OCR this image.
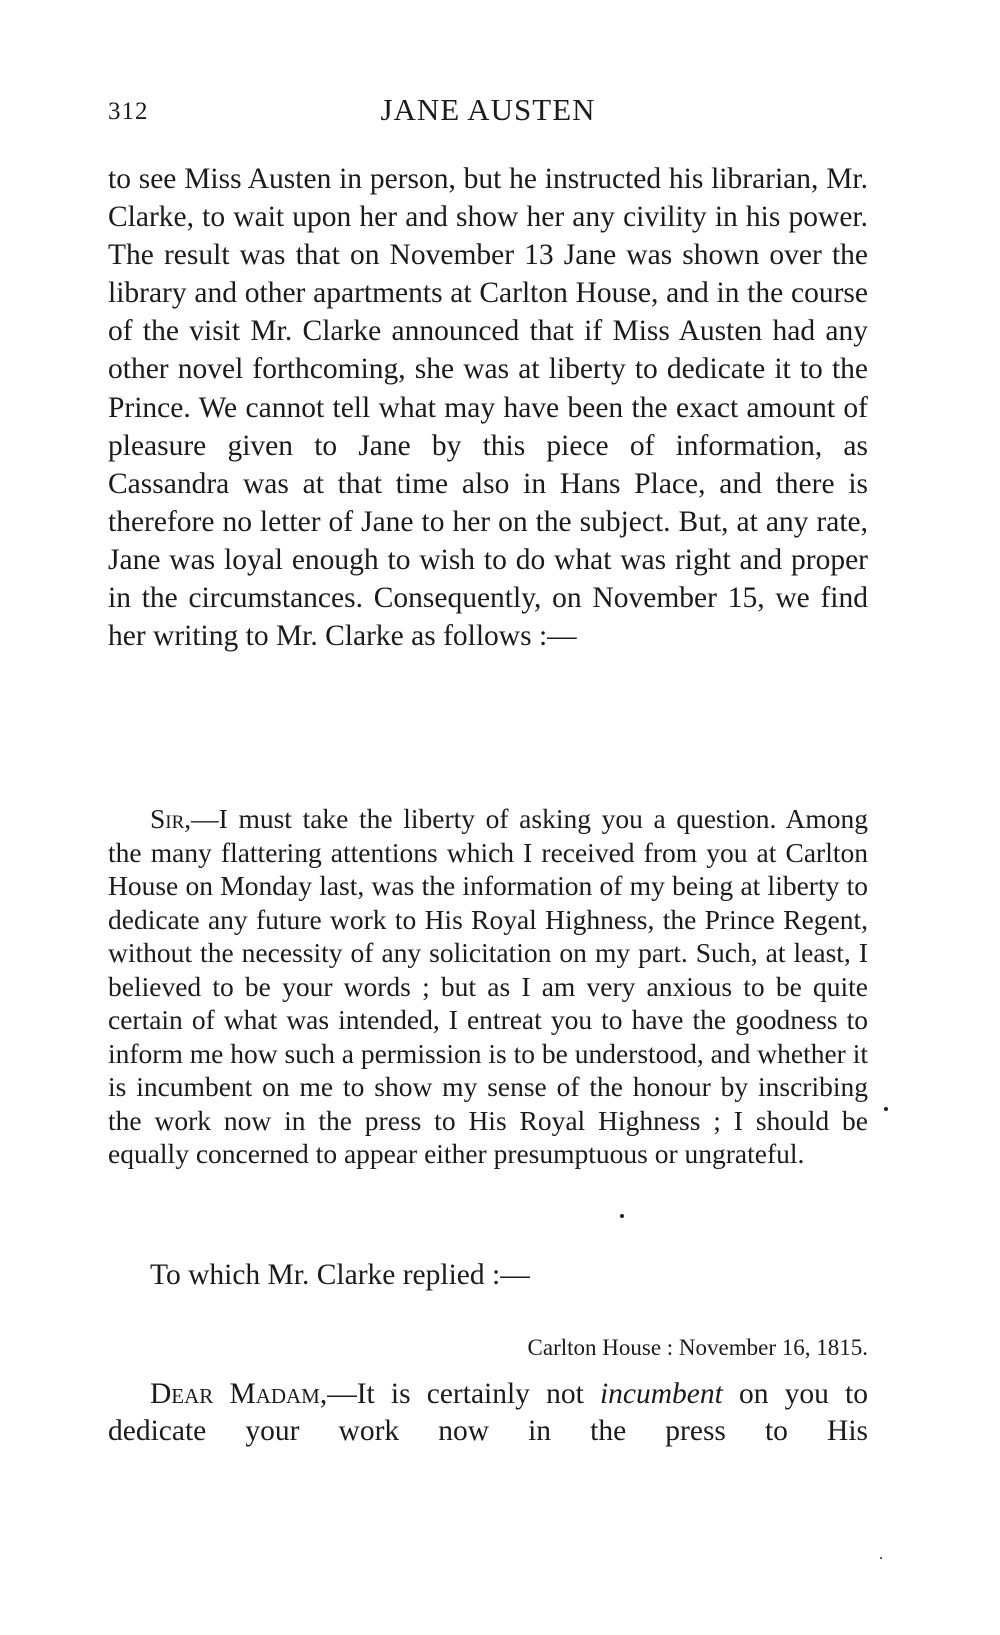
312	JANE AUSTEN

to see Miss Austen in person, but he instructed his librarian, Mr. Clarke, to wait upon her and show her any civility in his power. The result was that on November 13 Jane was shown over the library and other apartments at Carlton House, and in the course of the visit Mr. Clarke announced that if Miss Austen had any other novel forthcoming, she was at liberty to dedicate it to the Prince. We cannot tell what may have been the exact amount of pleasure given to Jane by this piece of information, as Cassandra was at that time also in Hans Place, and there is therefore no letter of Jane to her on the subject. But, at any rate, Jane was loyal enough to wish to do what was right and proper in the circumstances. Consequently, on November 15, we find her writing to Mr. Clarke as follows :—

Sir,—I must take the liberty of asking you a question. Among the many flattering attentions which I received from you at Carlton House on Monday last, was the information of my being at liberty to dedicate any future work to His Royal Highness, the Prince Regent, without the necessity of any solicitation on my part. Such, at least, I believed to be your words ; but as I am very anxious to be quite certain of what was intended, I entreat you to have the goodness to inform me how such a permission is to be understood, and whether it is incumbent on me to show my sense of the honour by inscribing the work now in the press to His Royal Highness ; I should be equally concerned to appear either presumptuous or ungrateful.

To which Mr. Clarke replied :—

Carlton House : November 16, 1815.

Dear Madam,—It is certainly not incumbent on you to dedicate your work now in the press to His
